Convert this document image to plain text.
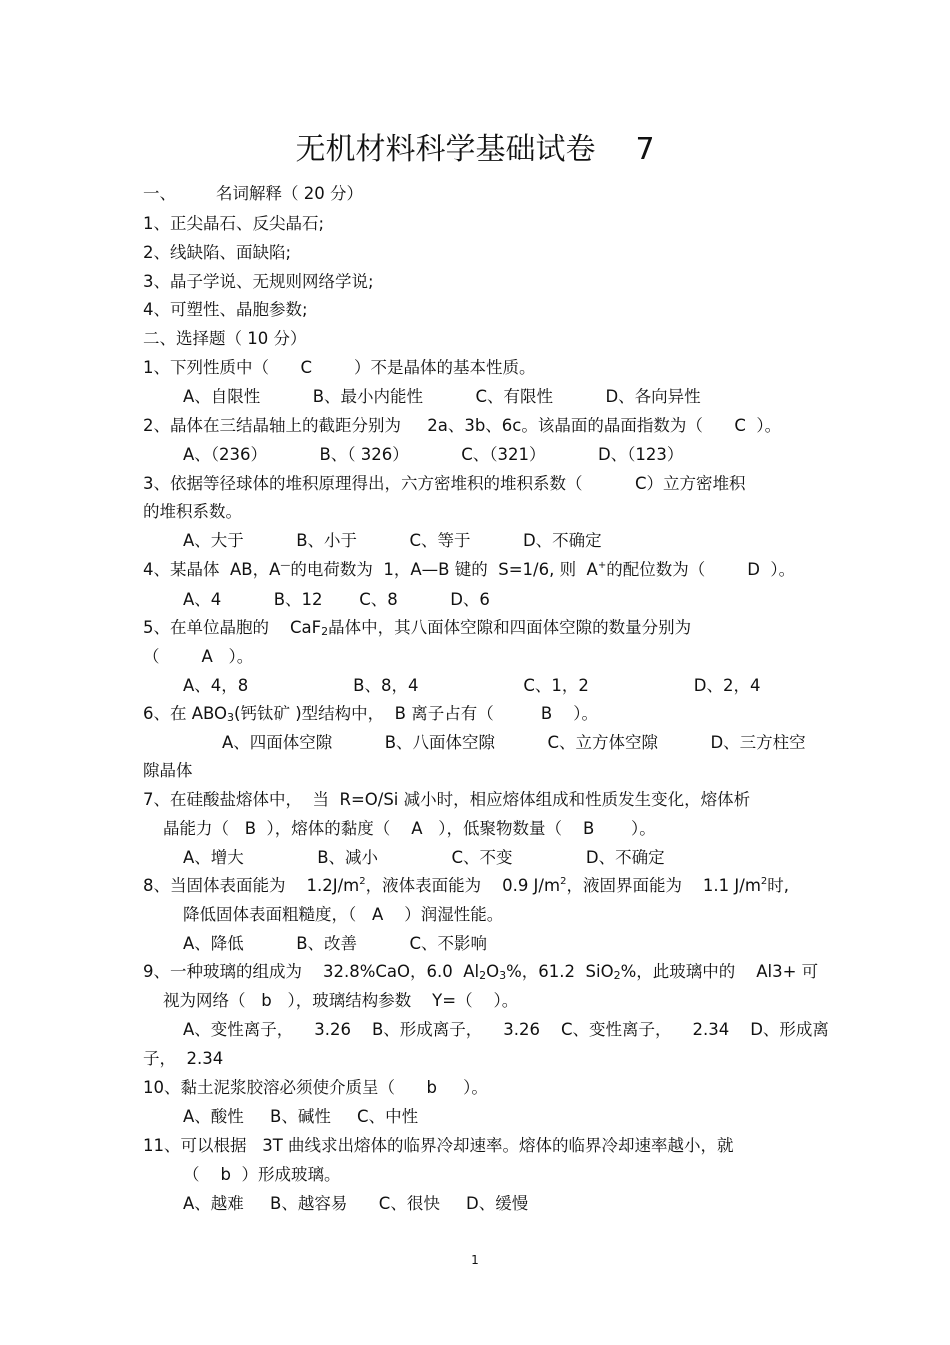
无机材料科学基础试卷 7
一、 名词解释（ 20 分）
1、正尖晶石、反尖晶石;
2、线缺陷、面缺陷;
3、晶子学说、无规则网络学说;
4、可塑性、晶胞参数;
二、选择题（ 10 分）
1、下列性质中（      C        ）不是晶体的基本性质。
A、自限性          B、最小内能性          C、有限性          D、各向异性
2、晶体在三结晶轴上的截距分别为     2a、3b、6c。该晶面的晶面指数为（      C  ）。
A、（236）          B、（ 326）          C、（321）          D、（123）
3、依据等径球体的堆积原理得出，六方密堆积的堆积系数（          C）立方密堆积
的堆积系数。
A、大于          B、小于          C、等于          D、不确定
4、某晶体  AB，A—的电荷数为  1，A—B 键的  S=1/6, 则  A+的配位数为（        D  ）。
A、4          B、12       C、8          D、6
5、在单位晶胞的    CaF$_2$晶体中，其八面体空隙和四面体空隙的数量分别为
（        A   ）。
A、4，8                    B、8，4                    C、1，2                    D、2，4
6、在 $ABO_3$(钙钛矿 )型结构中，  B 离子占有（         B    ）。
A、四面体空隙          B、八面体空隙          C、立方体空隙          D、三方柱空
隙晶体
7、在硅酸盐熔体中，  当  R=O/Si 减小时，相应熔体组成和性质发生变化，熔体析
晶能力（   B  ），熔体的黏度（    A   ），低聚物数量（    B       ）。
A、增大              B、减小              C、不变              D、不确定
8、当固体表面能为    $1.2J/m^2$，液体表面能为    0.9 $J/m^2$，液固界面能为    1.1 $J/m^2$时,
降低固体表面粗糙度，（   A    ）润湿性能。
A、降低          B、改善          C、不影响
9、一种玻璃的组成为    32.8%CaO，6.0  $Al_2O_3\%$，61.2  SiO$_2$%，此玻璃中的    Al3+ 可
视为网络（   b   ），玻璃结构参数    Y=（    ）。
A、变性离子，    3.26    B、形成离子，    3.26    C、变性离子，    2.34    D、形成离
子，  2.34
10、黏土泥浆胶溶必须使介质呈（      b     ）。
A、酸性     B、碱性     C、中性
11、可以根据   3T 曲线求出熔体的临界冷却速率。熔体的临界冷却速率越小，就
（    b  ）形成玻璃。
A、越难     B、越容易      C、很快     D、缓慢
1
